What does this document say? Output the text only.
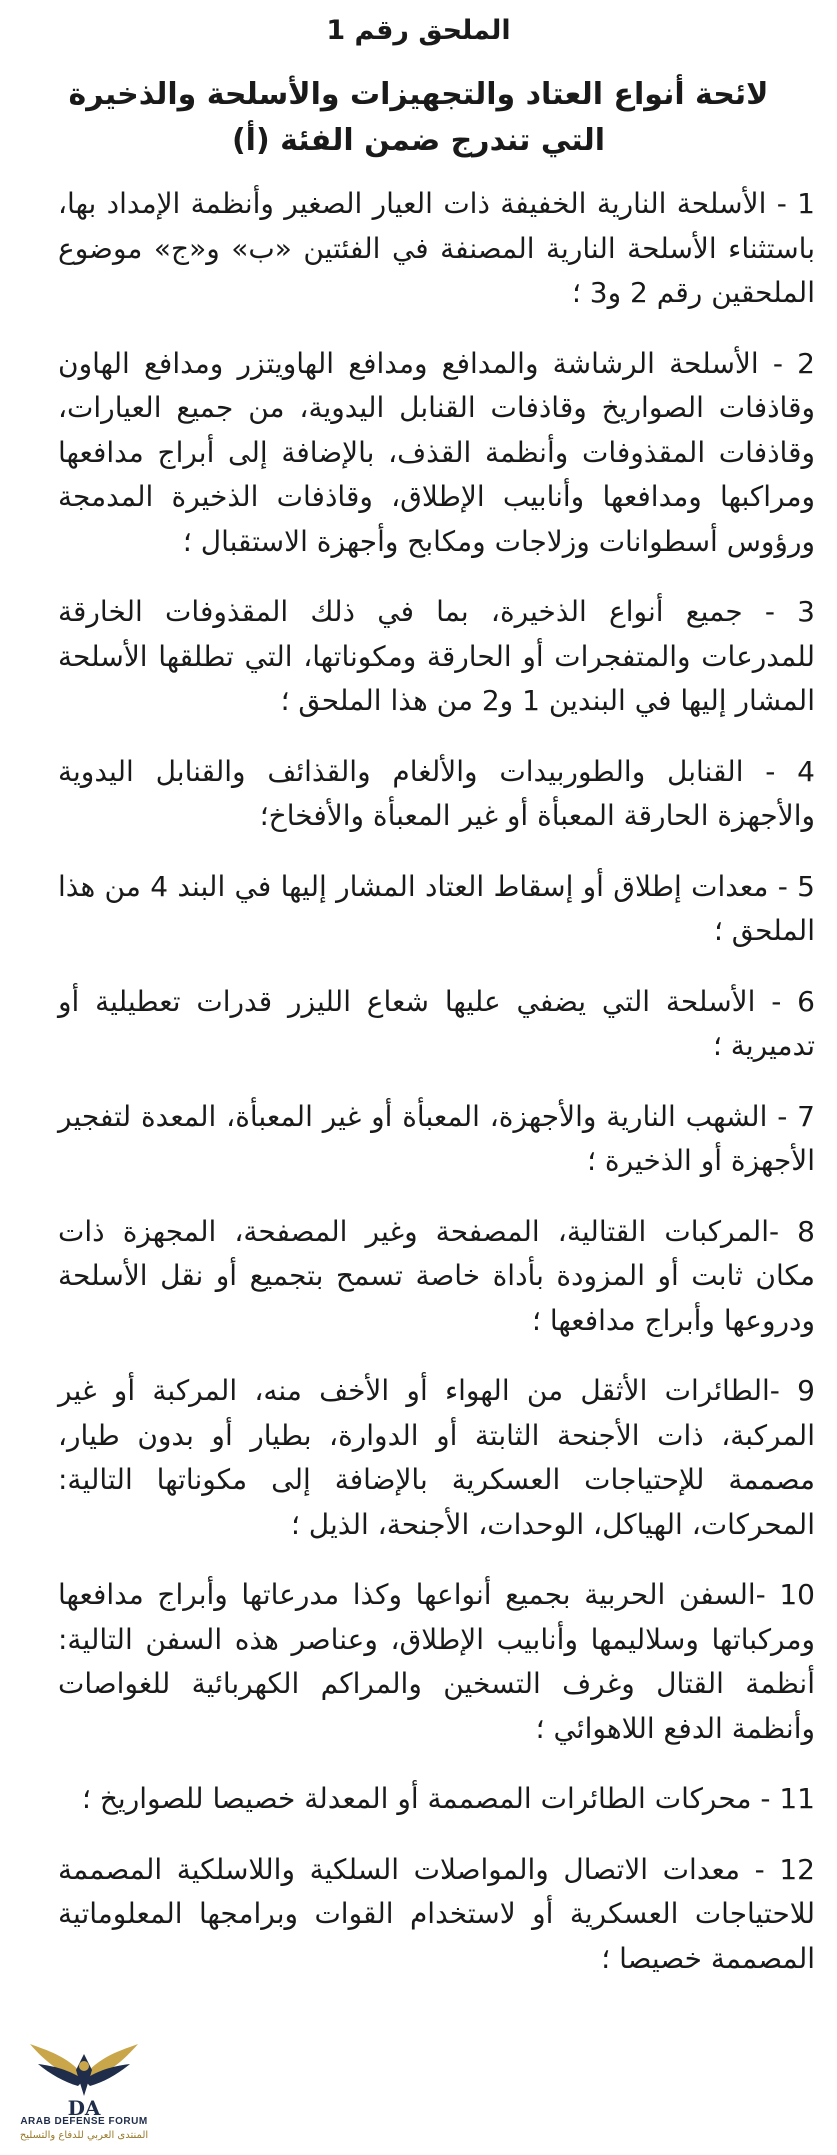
الملحق رقم 1
لائحة أنواع العتاد والتجهيزات والأسلحة والذخيرة
التي تندرج ضمن الفئة (أ)

1 - الأسلحة النارية الخفيفة ذات العيار الصغير وأنظمة الإمداد بها، باستثناء الأسلحة النارية المصنفة في الفئتين «ب» و«ج» موضوع الملحقين رقم 2 و3 ؛

2 - الأسلحة الرشاشة والمدافع ومدافع الهاويتزر ومدافع الهاون وقاذفات الصواريخ وقاذفات القنابل اليدوية، من جميع العيارات، وقاذفات المقذوفات وأنظمة القذف، بالإضافة إلى أبراج مدافعها ومراكبها ومدافعها وأنابيب الإطلاق، وقاذفات الذخيرة المدمجة ورؤوس أسطوانات وزلاجات ومكابح وأجهزة الاستقبال ؛

3 - جميع أنواع الذخيرة، بما في ذلك المقذوفات الخارقة للمدرعات والمتفجرات أو الحارقة ومكوناتها، التي تطلقها الأسلحة المشار إليها في البندين 1 و2 من هذا الملحق ؛

4 - القنابل والطوربيدات والألغام والقذائف والقنابل اليدوية والأجهزة الحارقة المعبأة أو غير المعبأة والأفخاخ؛

5 - معدات إطلاق أو إسقاط العتاد المشار إليها في البند 4 من هذا الملحق ؛

6 - الأسلحة التي يضفي عليها شعاع الليزر قدرات تعطيلية أو تدميرية ؛

7 - الشهب النارية والأجهزة، المعبأة أو غير المعبأة، المعدة لتفجير الأجهزة أو الذخيرة ؛

8 -المركبات القتالية، المصفحة وغير المصفحة، المجهزة ذات مكان ثابت أو المزودة بأداة خاصة تسمح بتجميع أو نقل الأسلحة ودروعها وأبراج مدافعها ؛

9 -الطائرات الأثقل من الهواء أو الأخف منه، المركبة أو غير المركبة، ذات الأجنحة الثابتة أو الدوارة، بطيار أو بدون طيار، مصممة للإحتياجات العسكرية بالإضافة إلى مكوناتها التالية: المحركات، الهياكل، الوحدات، الأجنحة، الذيل ؛

10 -السفن الحربية بجميع أنواعها وكذا مدرعاتها وأبراج مدافعها ومركباتها وسلاليمها وأنابيب الإطلاق، وعناصر هذه السفن التالية: أنظمة القتال وغرف التسخين والمراكم الكهربائية للغواصات وأنظمة الدفع اللاهوائي ؛

11 - محركات الطائرات المصممة أو المعدلة خصيصا للصواريخ ؛

12 - معدات الاتصال والمواصلات السلكية واللاسلكية المصممة للاحتياجات العسكرية أو لاستخدام القوات وبرامجها المعلوماتية المصممة خصيصا ؛

DA
ARAB DEFENSE FORUM
المنتدى العربي للدفاع والتسليح
